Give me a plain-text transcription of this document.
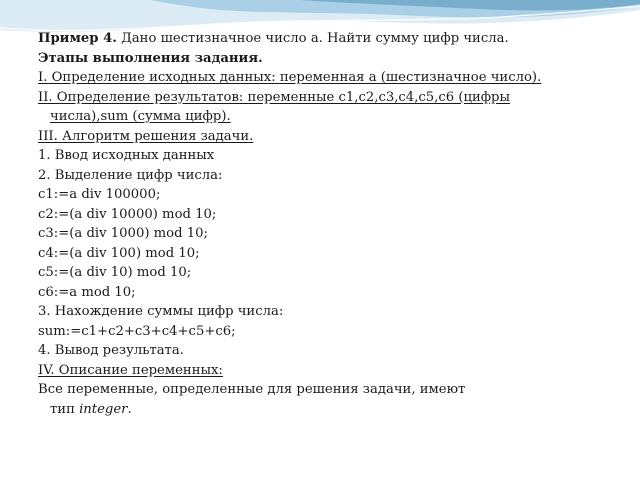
Пример 4. Дано шестизначное число a. Найти сумму цифр числа.
Этапы выполнения задания.
I. Определение исходных данных: переменная a (шестизначное число).
II. Определение результатов: переменные c1,c2,c3,c4,c5,c6 (цифры
числа),sum (сумма цифр).
III. Алгоритм решения задачи.
1. Ввод исходных данных
2. Выделение цифр числа:
c1:=a div 100000;
c2:=(a div 10000) mod 10;
c3:=(a div 1000) mod 10;
c4:=(a div 100) mod 10;
c5:=(a div 10) mod 10;
c6:=a mod 10;
3. Нахождение суммы цифр числа:
sum:=c1+c2+c3+c4+c5+c6;
4. Вывод результата.
IV. Описание переменных:
Все переменные, определенные для решения задачи, имеют
тип integer.
